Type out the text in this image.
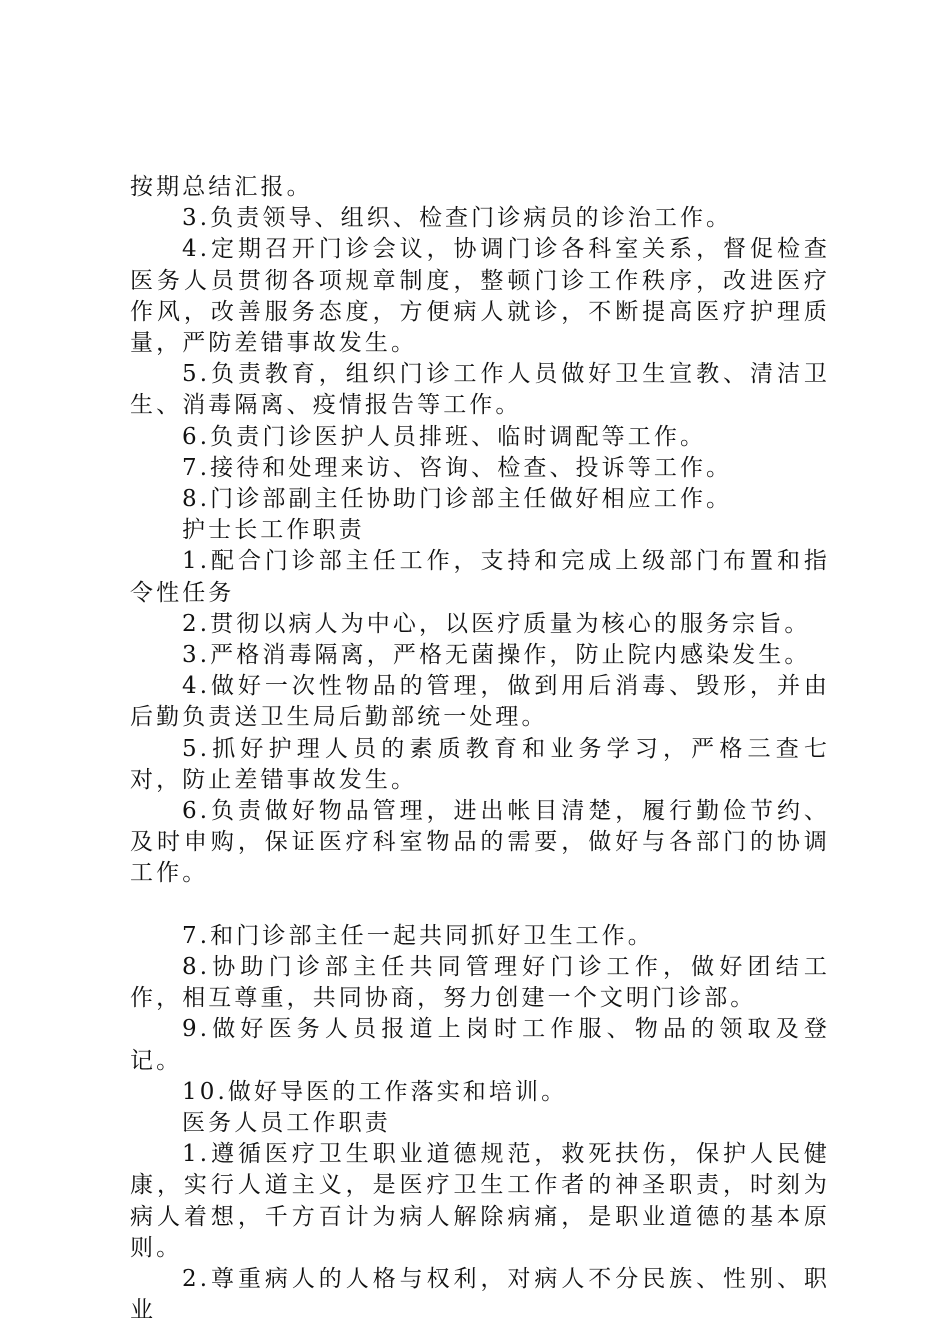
按期总结汇报。

3.负责领导、组织、检查门诊病员的诊治工作。

4.定期召开门诊会议，协调门诊各科室关系，督促检查医务人员贯彻各项规章制度，整顿门诊工作秩序，改进医疗作风，改善服务态度，方便病人就诊，不断提高医疗护理质量，严防差错事故发生。

5.负责教育，组织门诊工作人员做好卫生宣教、清洁卫生、消毒隔离、疫情报告等工作。

6.负责门诊医护人员排班、临时调配等工作。

7.接待和处理来访、咨询、检查、投诉等工作。

8.门诊部副主任协助门诊部主任做好相应工作。

护士长工作职责

1.配合门诊部主任工作，支持和完成上级部门布置和指令性任务

2.贯彻以病人为中心，以医疗质量为核心的服务宗旨。

3.严格消毒隔离，严格无菌操作，防止院内感染发生。

4.做好一次性物品的管理，做到用后消毒、毁形，并由后勤负责送卫生局后勤部统一处理。

5.抓好护理人员的素质教育和业务学习，严格三查七对，防止差错事故发生。

6.负责做好物品管理，进出帐目清楚，履行勤俭节约、及时申购，保证医疗科室物品的需要，做好与各部门的协调工作。

7.和门诊部主任一起共同抓好卫生工作。

8.协助门诊部主任共同管理好门诊工作，做好团结工作，相互尊重，共同协商，努力创建一个文明门诊部。

9.做好医务人员报道上岗时工作服、物品的领取及登记。

10.做好导医的工作落实和培训。

医务人员工作职责

1.遵循医疗卫生职业道德规范，救死扶伤，保护人民健康，实行人道主义，是医疗卫生工作者的神圣职责，时刻为病人着想，千方百计为病人解除病痛，是职业道德的基本原则。

2.尊重病人的人格与权利，对病人不分民族、性别、职业
